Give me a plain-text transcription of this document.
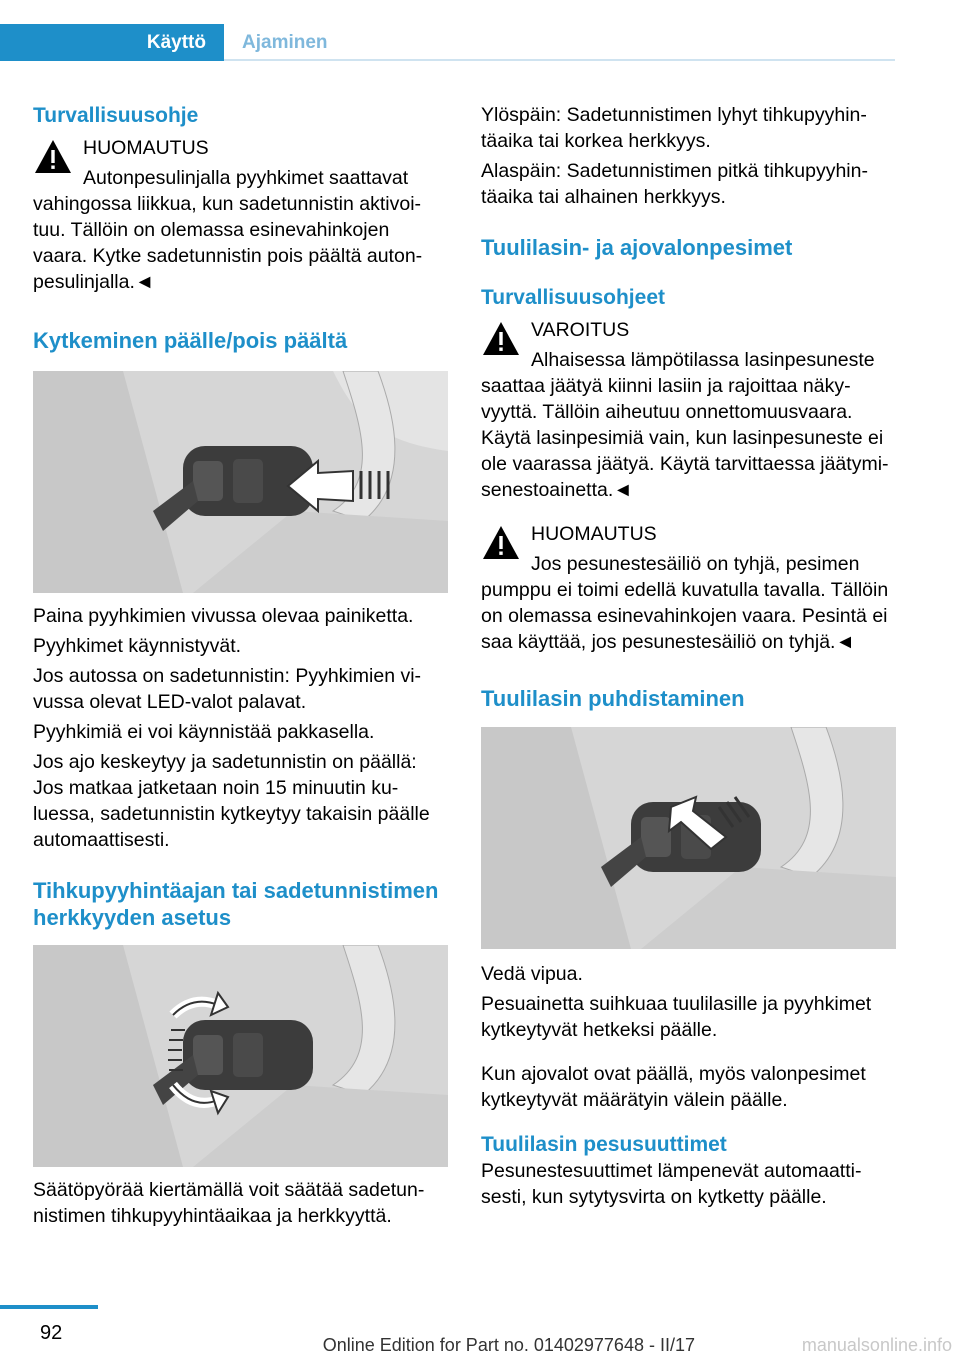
Käyttö	Ajaminen
Turvallisuusohje

HUOMAUTUS

Autonpesulinjalla pyyhkimet saattavat

vahingossa liikkua, kun sadetunnistin aktivoi-tuu. Tällöin on olemassa esinevahinkojen vaara. Kytke sadetunnistin pois päältä auton-pesulinjalla.◄

Kytkeminen päälle/pois päältä

Paina pyyhkimien vivussa olevaa painiketta.

Pyyhkimet käynnistyvät.

Jos autossa on sadetunnistin: Pyyhkimien vi-vussa olevat LED-valot palavat.

Pyyhkimiä ei voi käynnistää pakkasella.

Jos ajo keskeytyy ja sadetunnistin on päällä: Jos matkaa jatketaan noin 15 minuutin ku-luessa, sadetunnistin kytkeytyy takaisin päälle automaattisesti.

Tihkupyyhintäajan tai sadetunnistimen herkkyyden asetus

Säätöpyörää kiertämällä voit säätää sadetun-nistimen tihkupyyhintäaikaa ja herkkyyttä.

Ylöspäin: Sadetunnistimen lyhyt tihkupyyhin-täaika tai korkea herkkyys.

Alaspäin: Sadetunnistimen pitkä tihkupyyhin-täaika tai alhainen herkkyys.

Tuulilasin- ja ajovalonpesimet
Turvallisuusohjeet

VAROITUS

Alhaisessa lämpötilassa lasinpesuneste

saattaa jäätyä kiinni lasiin ja rajoittaa näky-vyyttä. Tällöin aiheutuu onnettomuusvaara. Käytä lasinpesimiä vain, kun lasinpesuneste ei ole vaarassa jäätyä. Käytä tarvittaessa jäätymi-senestoainetta.◄

HUOMAUTUS

Jos pesunestesäiliö on tyhjä, pesimen

pumppu ei toimi edellä kuvatulla tavalla. Tällöin on olemassa esinevahinkojen vaara. Pesintä ei saa käyttää, jos pesunestesäiliö on tyhjä.◄

Tuulilasin puhdistaminen

Vedä vipua.

Pesuainetta suihkuaa tuulilasille ja pyyhkimet kytkeytyvät hetkeksi päälle.

Kun ajovalot ovat päällä, myös valonpesimet kytkeytyvät määrätyin välein päälle.

Tuulilasin pesusuuttimet

Pesunestesuuttimet lämpenevät automaatti-sesti, kun sytytysvirta on kytketty päälle.

92
Online Edition for Part no. 01402977648 - II/17	manualsonline.info
